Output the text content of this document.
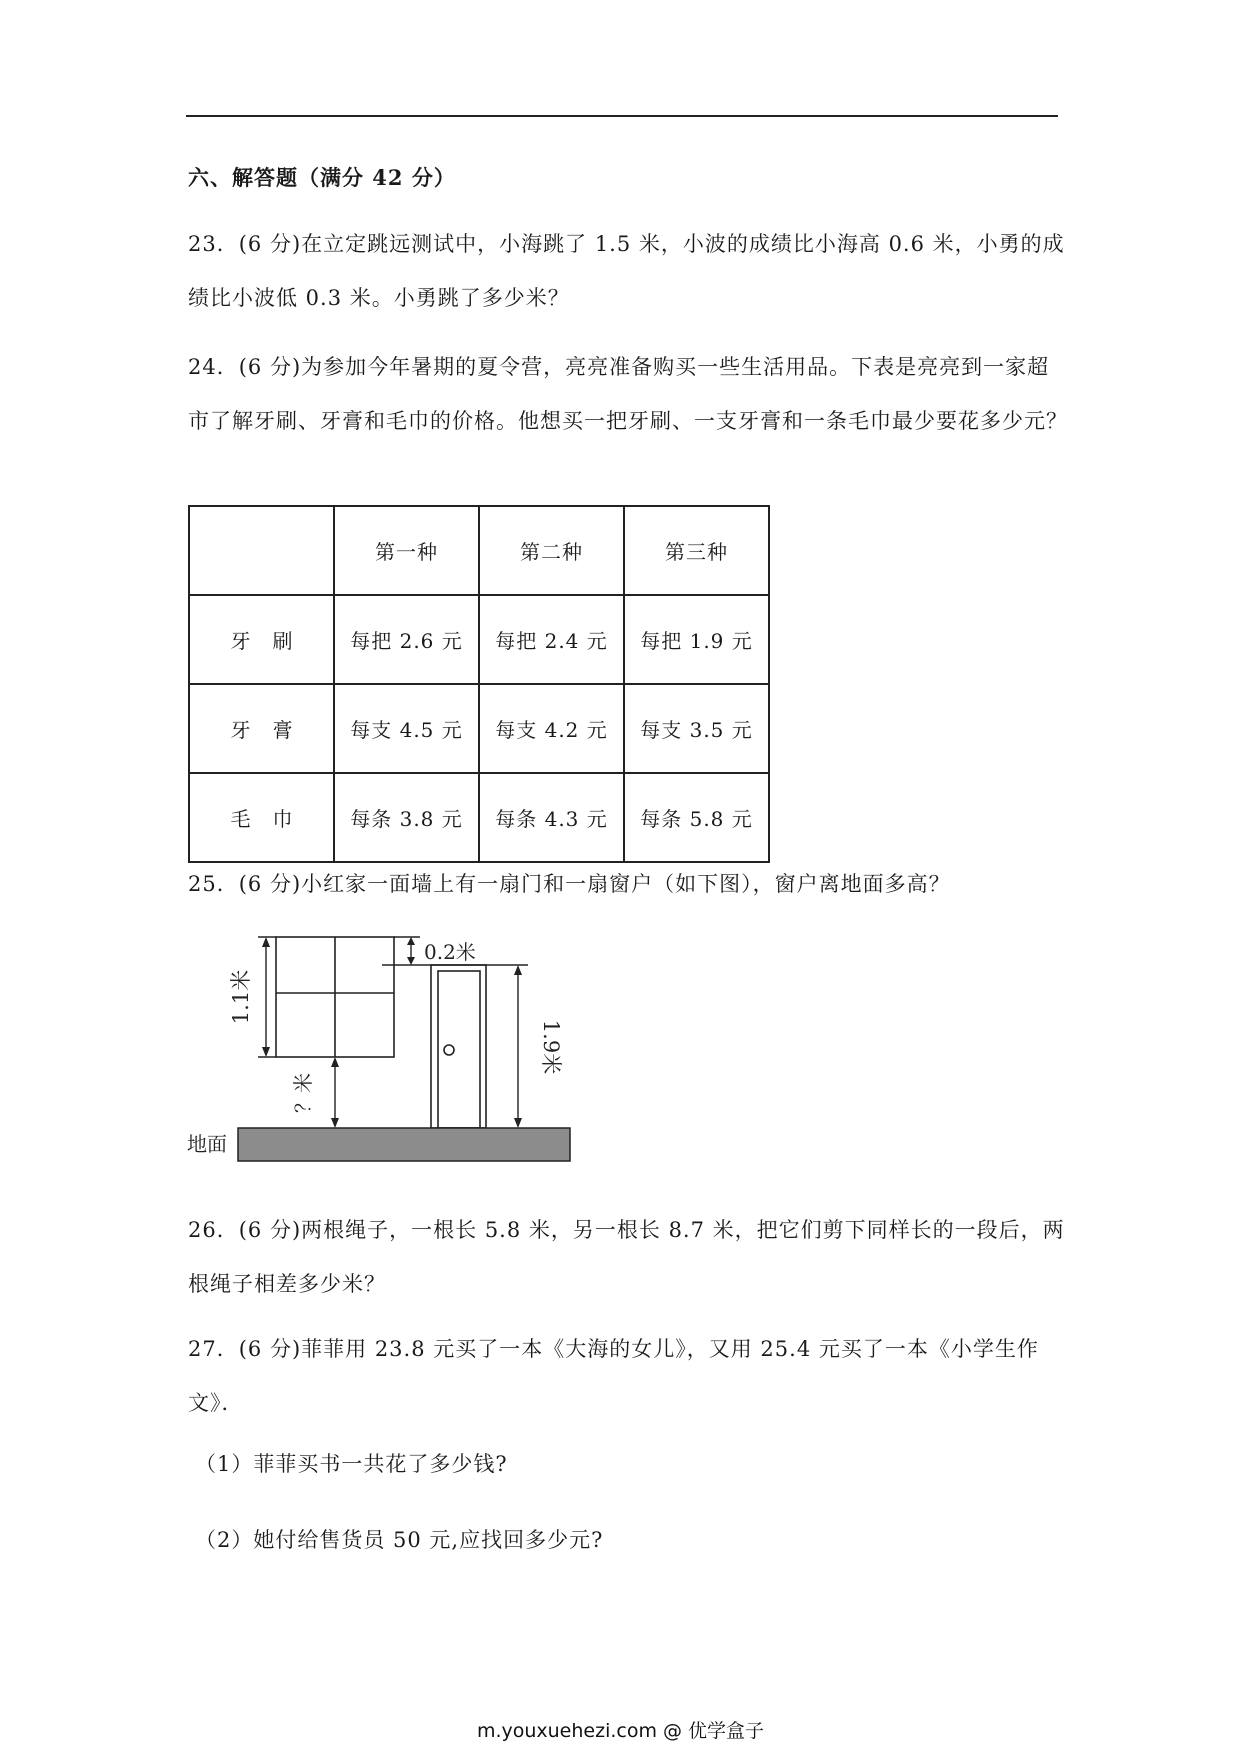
六、解答题（满分 42 分）
23．(6 分)在立定跳远测试中，小海跳了 1.5 米，小波的成绩比小海高 0.6 米，小勇的成绩比小波低 0.3 米。小勇跳了多少米？
24．(6 分)为参加今年暑期的夏令营，亮亮准备购买一些生活用品。下表是亮亮到一家超市了解牙刷、牙膏和毛巾的价格。他想买一把牙刷、一支牙膏和一条毛巾最少要花多少元？
	第一种	第二种	第三种
牙刷	每把 2.6 元	每把 2.4 元	每把 1.9 元
牙膏	每支 4.5 元	每支 4.2 元	每支 3.5 元
毛巾	每条 3.8 元	每条 4.3 元	每条 5.8 元
25．(6 分)小红家一面墙上有一扇门和一扇窗户（如下图），窗户离地面多高？
1.1米
？米
0.2米
1.9米
地面
26．(6 分)两根绳子，一根长 5.8 米，另一根长 8.7 米，把它们剪下同样长的一段后，两根绳子相差多少米？
27．(6 分)菲菲用 23.8 元买了一本《大海的女儿》，又用 25.4 元买了一本《小学生作文》．
（1）菲菲买书一共花了多少钱?
（2）她付给售货员 50 元,应找回多少元?
m.youxuehezi.com @ 优学盒子
